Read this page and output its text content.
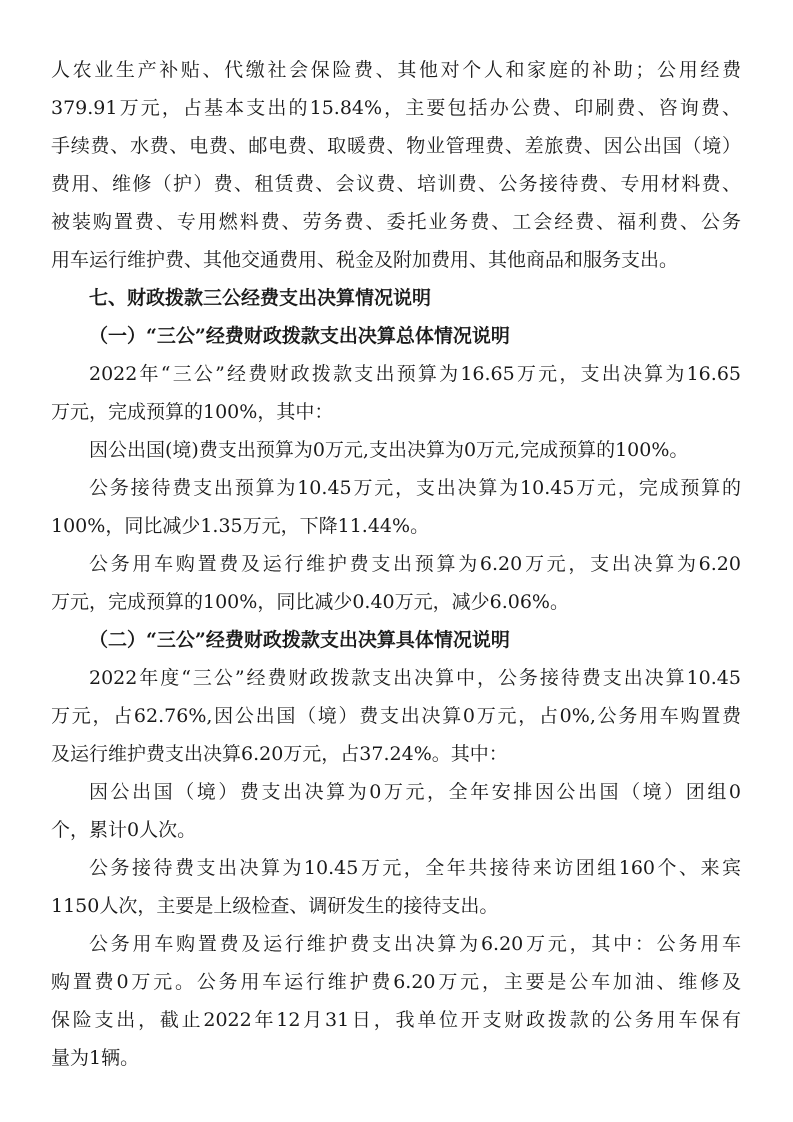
人农业生产补贴、代缴社会保险费、其他对个人和家庭的补助；公用经费
379.91万元，占基本支出的15.84%，主要包括办公费、印刷费、咨询费、
手续费、水费、电费、邮电费、取暖费、物业管理费、差旅费、因公出国（境）
费用、维修（护）费、租赁费、会议费、培训费、公务接待费、专用材料费、
被装购置费、专用燃料费、劳务费、委托业务费、工会经费、福利费、公务
用车运行维护费、其他交通费用、税金及附加费用、其他商品和服务支出。
七、财政拨款三公经费支出决算情况说明
（一）“三公”经费财政拨款支出决算总体情况说明
2022年“三公”经费财政拨款支出预算为16.65万元，支出决算为16.65
万元，完成预算的100%，其中：
因公出国(境)费支出预算为0万元,支出决算为0万元,完成预算的100%。
公务接待费支出预算为10.45万元，支出决算为10.45万元，完成预算的
100%，同比减少1.35万元，下降11.44%。
公务用车购置费及运行维护费支出预算为6.20万元，支出决算为6.20
万元，完成预算的100%，同比减少0.40万元，减少6.06%。
（二）“三公”经费财政拨款支出决算具体情况说明
2022年度“三公”经费财政拨款支出决算中，公务接待费支出决算10.45
万元，占62.76%,因公出国（境）费支出决算0万元，占0%,公务用车购置费
及运行维护费支出决算6.20万元，占37.24%。其中：
因公出国（境）费支出决算为0万元，全年安排因公出国（境）团组0
个，累计0人次。
公务接待费支出决算为10.45万元，全年共接待来访团组160个、来宾
1150人次，主要是上级检查、调研发生的接待支出。
公务用车购置费及运行维护费支出决算为6.20万元，其中：公务用车
购置费0万元。公务用车运行维护费6.20万元，主要是公车加油、维修及
保险支出，截止2022年12月31日，我单位开支财政拨款的公务用车保有
量为1辆。
